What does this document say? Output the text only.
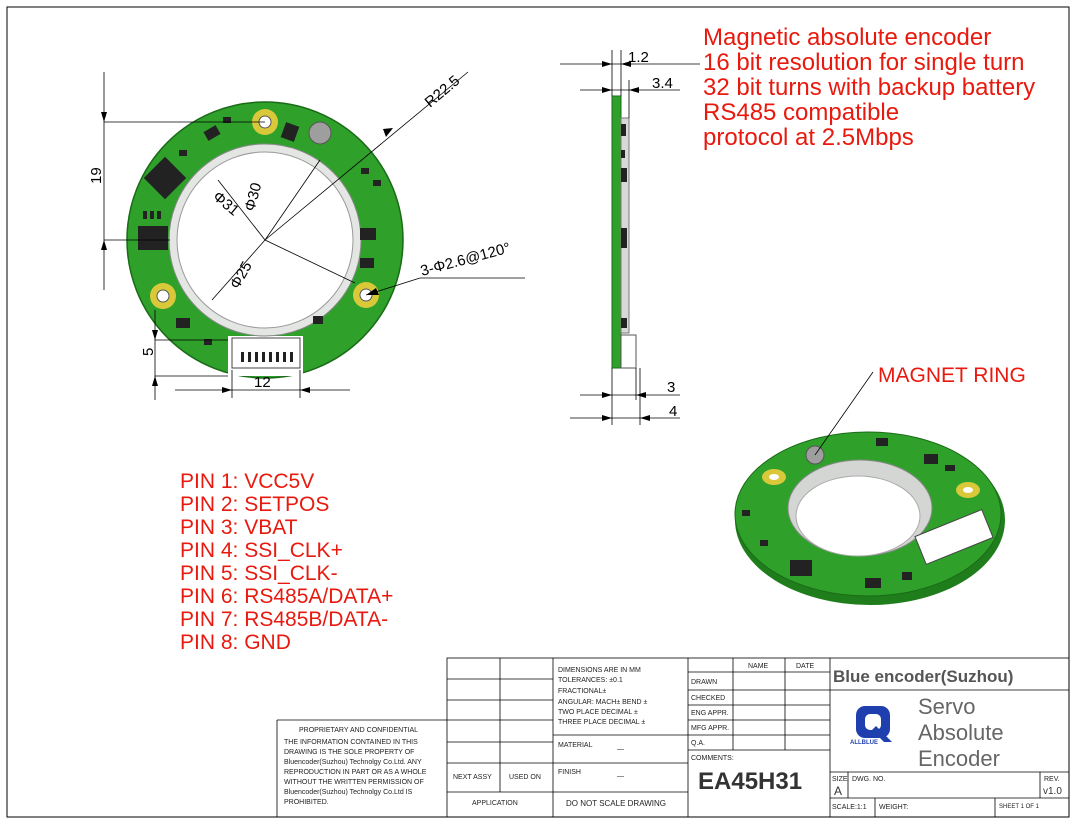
19
5
12
R22.5
Φ31 Φ30
Φ25	3-Φ2.6@120°
1.2
3.4
3
4
Magnetic absolute encoder
16 bit resolution for single turn
32 bit turns with backup battery
RS485 compatible
protocol at 2.5Mbps
MAGNET RING
PIN 1: VCC5V
PIN 2: SETPOS
PIN 3: VBAT
PIN 4: SSI_CLK+
PIN 5: SSI_CLK-
PIN 6: RS485A/DATA+
PIN 7: RS485B/DATA-
PIN 8: GND
PROPRIETARY AND CONFIDENTIAL
THE INFORMATION CONTAINED IN THIS
DRAWING IS THE SOLE PROPERTY OF
Bluencoder(Suzhou) Technolgy Co.Ltd. ANY
REPRODUCTION IN PART OR AS A WHOLE
WITHOUT THE WRITTEN PERMISSION OF
Bluencoder(Suzhou) Technolgy Co.Ltd IS
PROHIBITED.
NEXT ASSY USED ON
APPLICATION
DIMENSIONS ARE IN MM
TOLERANCES: ±0.1
FRACTIONAL±
ANGULAR: MACH± BEND ±
TWO PLACE DECIMAL ±
THREE PLACE DECIMAL ±
MATERIAL
—
FINISH
—
DO NOT SCALE DRAWING
NAME	DATE
DRAWN
CHECKED
ENG APPR.
MFG APPR.
Q.A.
COMMENTS:
EA45H31
Blue encoder(Suzhou)
ALLBLUE
Servo
Absolute
Encoder
SIZE
A
DWG. NO.	REV.
v1.0
SCALE:1:1 WEIGHT:	SHEET 1 OF 1
